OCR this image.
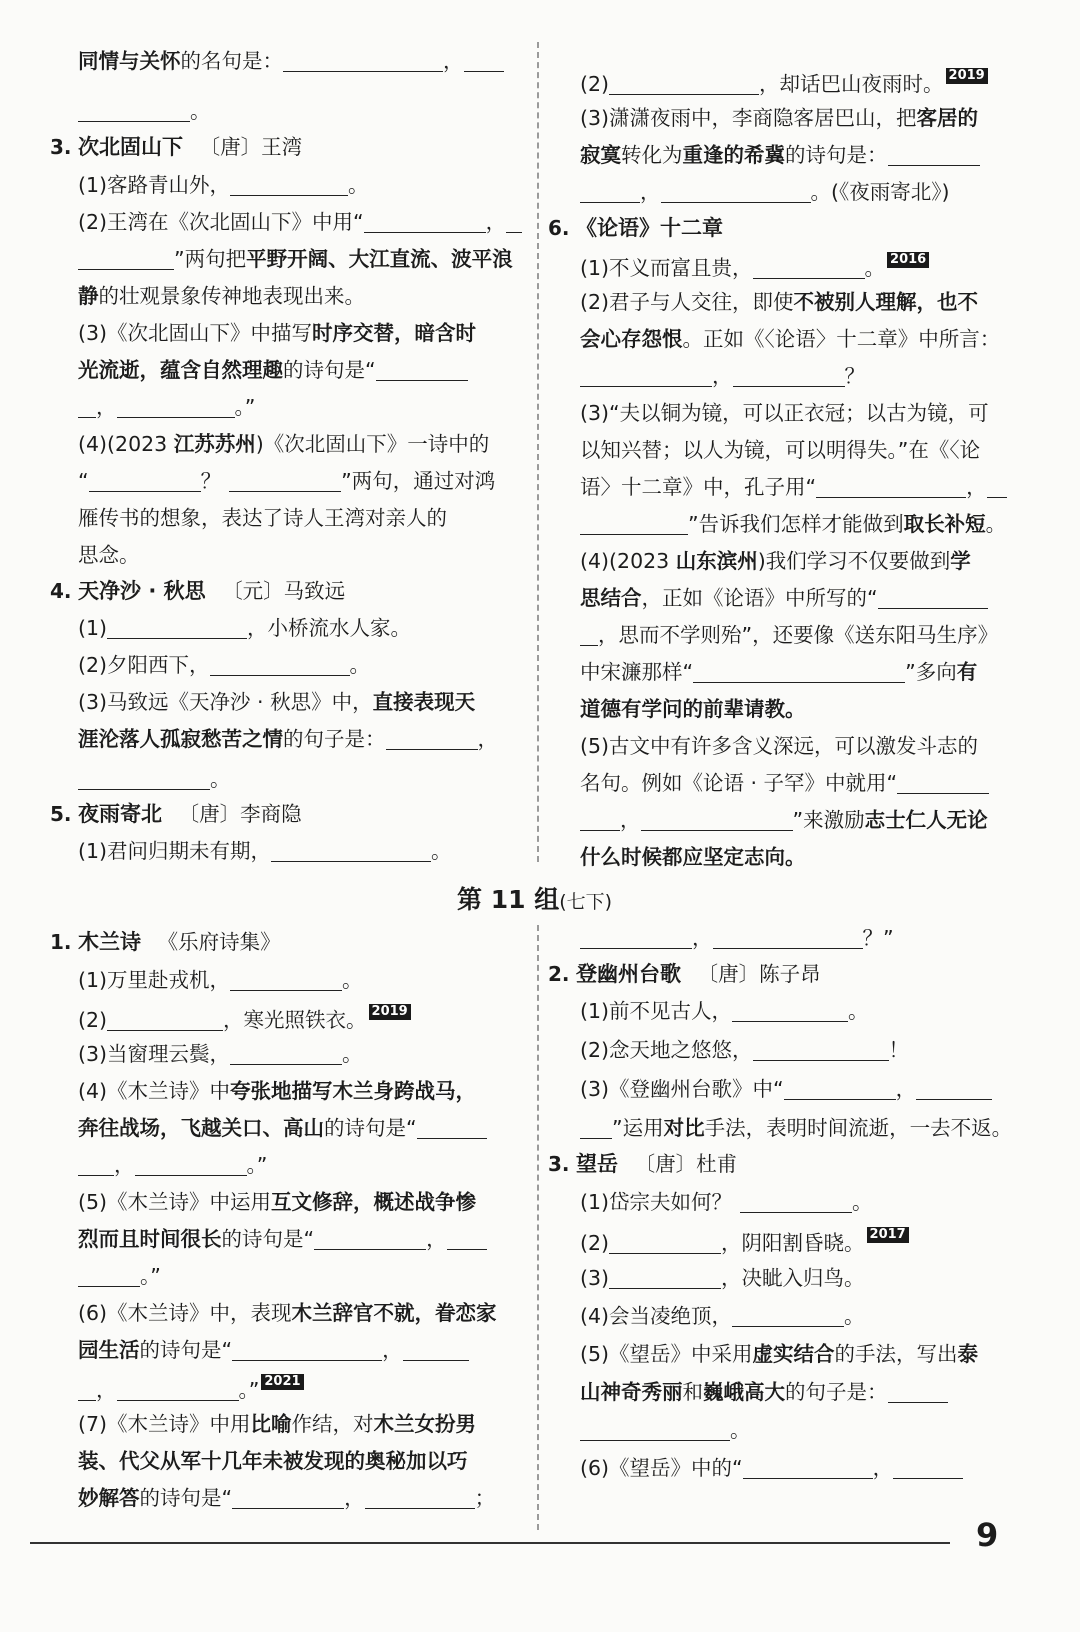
同情与关怀的名句是：	，
。
3. 次北固山下 〔唐〕王湾
(1)客路青山外，	。
(2)王湾在《次北固山下》中用“	，
”两句把平野开阔、大江直流、波平浪
静的壮观景象传神地表现出来。
(3)《次北固山下》中描写时序交替，暗含时
光流逝，蕴含自然理趣的诗句是“
，	。”
(4)(2023 江苏苏州)《次北固山下》一诗中的
“	？	”两句，通过对鸿
雁传书的想象，表达了诗人王湾对亲人的
思念。
4. 天净沙 · 秋思 〔元〕马致远
(1)	，小桥流水人家。
(2)夕阳西下，	。
(3)马致远《天净沙 · 秋思》中，直接表现天
涯沦落人孤寂愁苦之情的句子是：	，
。
5. 夜雨寄北 〔唐〕李商隐
(1)君问归期未有期，	。
(2)	，却话巴山夜雨时。 2019
(3)潇潇夜雨中，李商隐客居巴山，把客居的
寂寞转化为重逢的希冀的诗句是：
，	。(《夜雨寄北》)
6. 《论语》十二章
(1)不义而富且贵，	。 2016
(2)君子与人交往，即使不被别人理解，也不
会心存怨恨。正如《〈论语〉十二章》中所言：
，	？
(3)“夫以铜为镜，可以正衣冠；以古为镜，可
以知兴替；以人为镜，可以明得失。”在《〈论
语〉十二章》中，孔子用“	，
”告诉我们怎样才能做到取长补短。
(4)(2023 山东滨州)我们学习不仅要做到学
思结合，正如《论语》中所写的“
，思而不学则殆”，还要像《送东阳马生序》
中宋濂那样“	”多向有
道德有学问的前辈请教。
(5)古文中有许多含义深远，可以激发斗志的
名句。例如《论语 · 子罕》中就用“
，	”来激励志士仁人无论
什么时候都应坚定志向。
第 11 组(七下)
1. 木兰诗 《乐府诗集》
(1)万里赴戎机，	。
(2)	，寒光照铁衣。 2019
(3)当窗理云鬓，	。
(4)《木兰诗》中夸张地描写木兰身跨战马，
奔往战场，飞越关口、高山的诗句是“
，	。”
(5)《木兰诗》中运用互文修辞，概述战争惨
烈而且时间很长的诗句是“	，
。”
(6)《木兰诗》中，表现木兰辞官不就，眷恋家
园生活的诗句是“	，
，	。” 2021
(7)《木兰诗》中用比喻作结，对木兰女扮男
装、代父从军十几年未被发现的奥秘加以巧
妙解答的诗句是“	，	；
，	？”
2. 登幽州台歌 〔唐〕陈子昂
(1)前不见古人，	。
(2)念天地之悠悠，	！
(3)《登幽州台歌》中“	，
”运用对比手法，表明时间流逝，一去不返。
3. 望岳 〔唐〕杜甫
(1)岱宗夫如何？	。
(2)	，阴阳割昏晓。 2017
(3)	，决眦入归鸟。
(4)会当凌绝顶，	。
(5)《望岳》中采用虚实结合的手法，写出泰
山神奇秀丽和巍峨高大的句子是：
。
(6)《望岳》中的“	，
9
